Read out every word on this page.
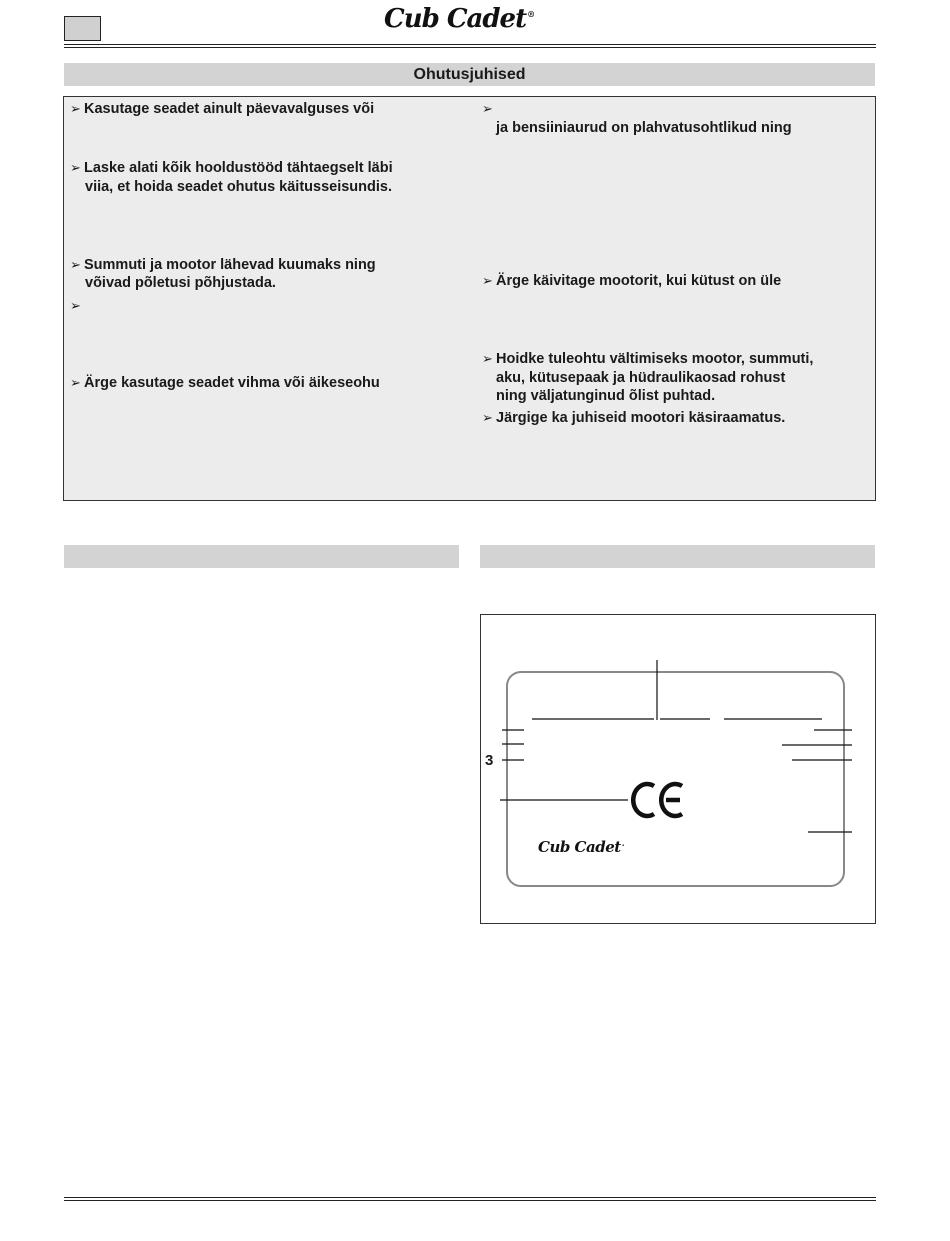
Cub Cadet®
Ohutusjuhised
➢ Kasutage seadet ainult päevavalguses või
➢ Laske alati kõik hooldustööd tähtaegselt läbi
viia, et hoida seadet ohutus käitusseisundis.
➢ Summuti ja mootor lähevad kuumaks ning
võivad põletusi põhjustada.
➢
➢ Ärge kasutage seadet vihma või äikeseohu
➢
ja bensiiniaurud on plahvatusohtlikud ning
➢ Ärge käivitage mootorit, kui kütust on üle
➢ Hoidke tuleohtu vältimiseks mootor, summuti,
aku, kütusepaak ja hüdraulikaosad rohust
ning väljatunginud õlist puhtad.
➢ Järgige ka juhiseid mootori käsiraamatus.
3
Cub Cadet.
